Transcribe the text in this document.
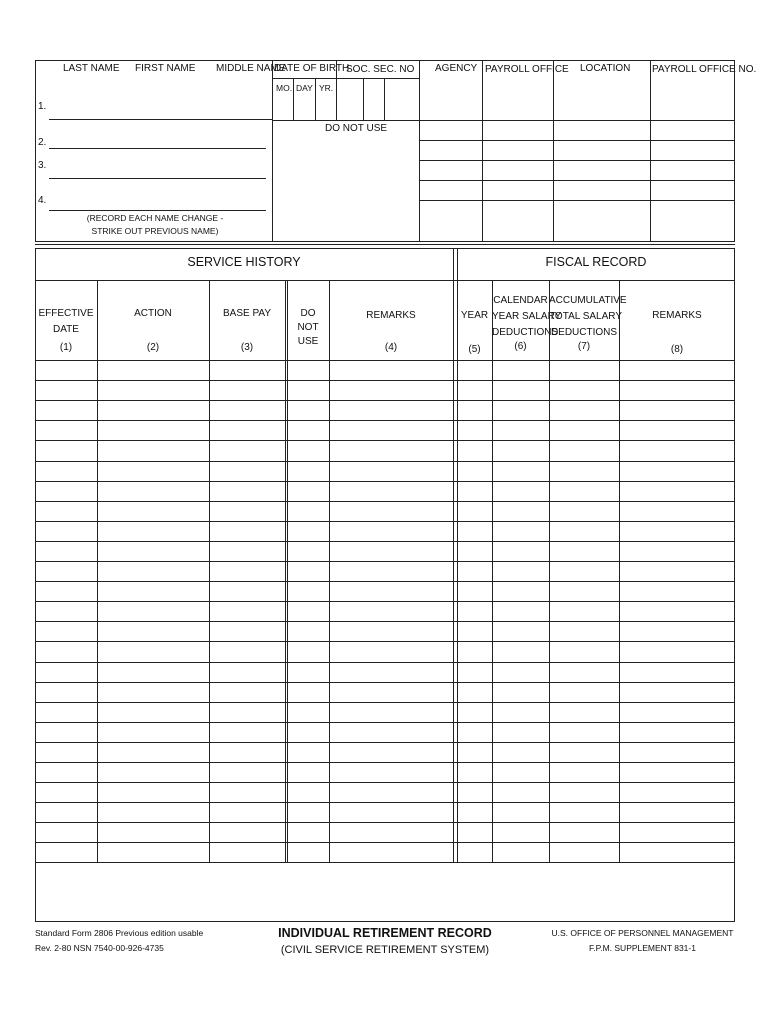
LAST NAME FIRST NAME MIDDLE NAME
DATE OF BIRTH
MO. DAY YR.
SOC. SEC. NO AGENCY PAYROLL OFFICE LOCATION PAYROLL OFFICE NO.
DO NOT USE
1.
2.
3.
4.
(RECORD EACH NAME CHANGE -
STRIKE OUT PREVIOUS NAME)
SERVICE HISTORY	FISCAL RECORD
EFFECTIVE
DATE
(1)
ACTION
(2)
BASE PAY
(3)
DO
NOT
USE
REMARKS
(4)
YEAR
(5)
CALENDAR
YEAR SALARY
DEDUCTIONS
(6)
ACCUMULATIVE
TOTAL SALARY
DEDUCTIONS
(7)
REMARKS
(8)
Standard Form 2806 Previous edition usable
Rev. 2-80 NSN 7540-00-926-4735
INDIVIDUAL RETIREMENT RECORD
(CIVIL SERVICE RETIREMENT SYSTEM)
U.S. OFFICE OF PERSONNEL MANAGEMENT
F.P.M. SUPPLEMENT 831-1
